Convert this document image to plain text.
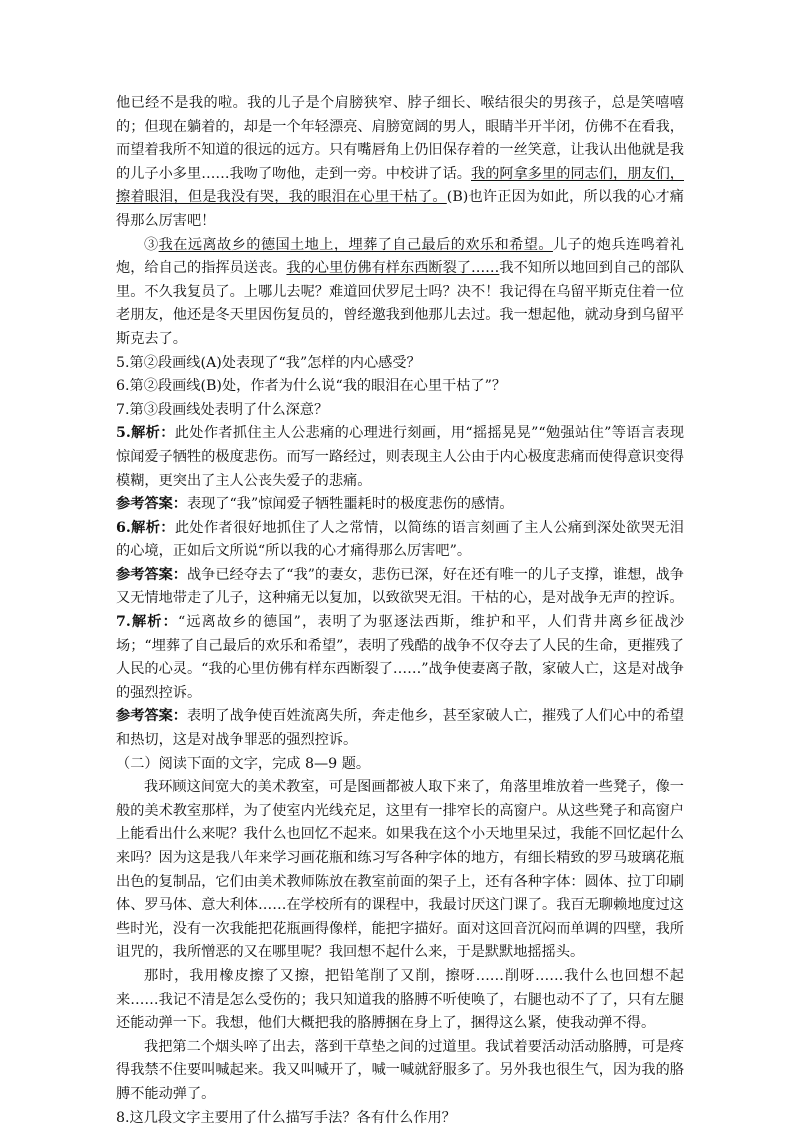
他已经不是我的啦。我的儿子是个肩膀狭窄、脖子细长、喉结很尖的男孩子，总是笑嘻嘻的；但现在躺着的，却是一个年轻漂亮、肩膀宽阔的男人，眼睛半开半闭，仿佛不在看我，而望着我所不知道的很远的远方。只有嘴唇角上仍旧保存着的一丝笑意，让我认出他就是我的儿子小多里……我吻了吻他，走到一旁。中校讲了话。我的阿拿多里的同志们，朋友们，擦着眼泪，但是我没有哭，我的眼泪在心里干枯了。(B)也许正因为如此，所以我的心才痛得那么厉害吧！

③我在远离故乡的德国土地上，埋葬了自己最后的欢乐和希望。儿子的炮兵连鸣着礼炮，给自己的指挥员送丧。我的心里仿佛有样东西断裂了……我不知所以地回到自己的部队里。不久我复员了。上哪儿去呢？难道回伏罗尼士吗？决不！我记得在乌留平斯克住着一位老朋友，他还是冬天里因伤复员的，曾经邀我到他那儿去过。我一想起他，就动身到乌留平斯克去了。

5.第②段画线(A)处表现了“我”怎样的内心感受？

6.第②段画线(B)处，作者为什么说“我的眼泪在心里干枯了”？

7.第③段画线处表明了什么深意？

5.解析：此处作者抓住主人公悲痛的心理进行刻画，用“摇摇晃晃”“勉强站住”等语言表现惊闻爱子牺牲的极度悲伤。而写一路经过，则表现主人公由于内心极度悲痛而使得意识变得模糊，更突出了主人公丧失爱子的悲痛。

参考答案：表现了“我”惊闻爱子牺牲噩耗时的极度悲伤的感情。

6.解析：此处作者很好地抓住了人之常情，以简练的语言刻画了主人公痛到深处欲哭无泪的心境，正如后文所说“所以我的心才痛得那么厉害吧”。

参考答案：战争已经夺去了“我”的妻女，悲伤已深，好在还有唯一的儿子支撑，谁想，战争又无情地带走了儿子，这种痛无以复加，以致欲哭无泪。干枯的心，是对战争无声的控诉。

7.解析：“远离故乡的德国”，表明了为驱逐法西斯，维护和平，人们背井离乡征战沙场；“埋葬了自己最后的欢乐和希望”，表明了残酷的战争不仅夺去了人民的生命，更摧残了人民的心灵。“我的心里仿佛有样东西断裂了……”战争使妻离子散，家破人亡，这是对战争的强烈控诉。

参考答案：表明了战争使百姓流离失所，奔走他乡，甚至家破人亡，摧残了人们心中的希望和热切，这是对战争罪恶的强烈控诉。

（二）阅读下面的文字，完成 8—9 题。

我环顾这间宽大的美术教室，可是图画都被人取下来了，角落里堆放着一些凳子，像一般的美术教室那样，为了使室内光线充足，这里有一排窄长的高窗户。从这些凳子和高窗户上能看出什么来呢？我什么也回忆不起来。如果我在这个小天地里呆过，我能不回忆起什么来吗？因为这是我八年来学习画花瓶和练习写各种字体的地方，有细长精致的罗马玻璃花瓶出色的复制品，它们由美术教师陈放在教室前面的架子上，还有各种字体：圆体、拉丁印刷体、罗马体、意大利体……在学校所有的课程中，我最讨厌这门课了。我百无聊赖地度过这些时光，没有一次我能把花瓶画得像样，能把字描好。面对这回音沉闷而单调的四壁，我所诅咒的，我所憎恶的又在哪里呢？我回想不起什么来，于是默默地摇摇头。

那时，我用橡皮擦了又擦，把铅笔削了又削，擦呀……削呀……我什么也回想不起来……我记不清是怎么受伤的；我只知道我的胳膊不听使唤了，右腿也动不了了，只有左腿还能动弹一下。我想，他们大概把我的胳膊捆在身上了，捆得这么紧，使我动弹不得。

我把第二个烟头啐了出去，落到干草垫之间的过道里。我试着要活动活动胳膊，可是疼得我禁不住要叫喊起来。我又叫喊开了，喊一喊就舒服多了。另外我也很生气，因为我的胳膊不能动弹了。

8.这几段文字主要用了什么描写手法？各有什么作用？
